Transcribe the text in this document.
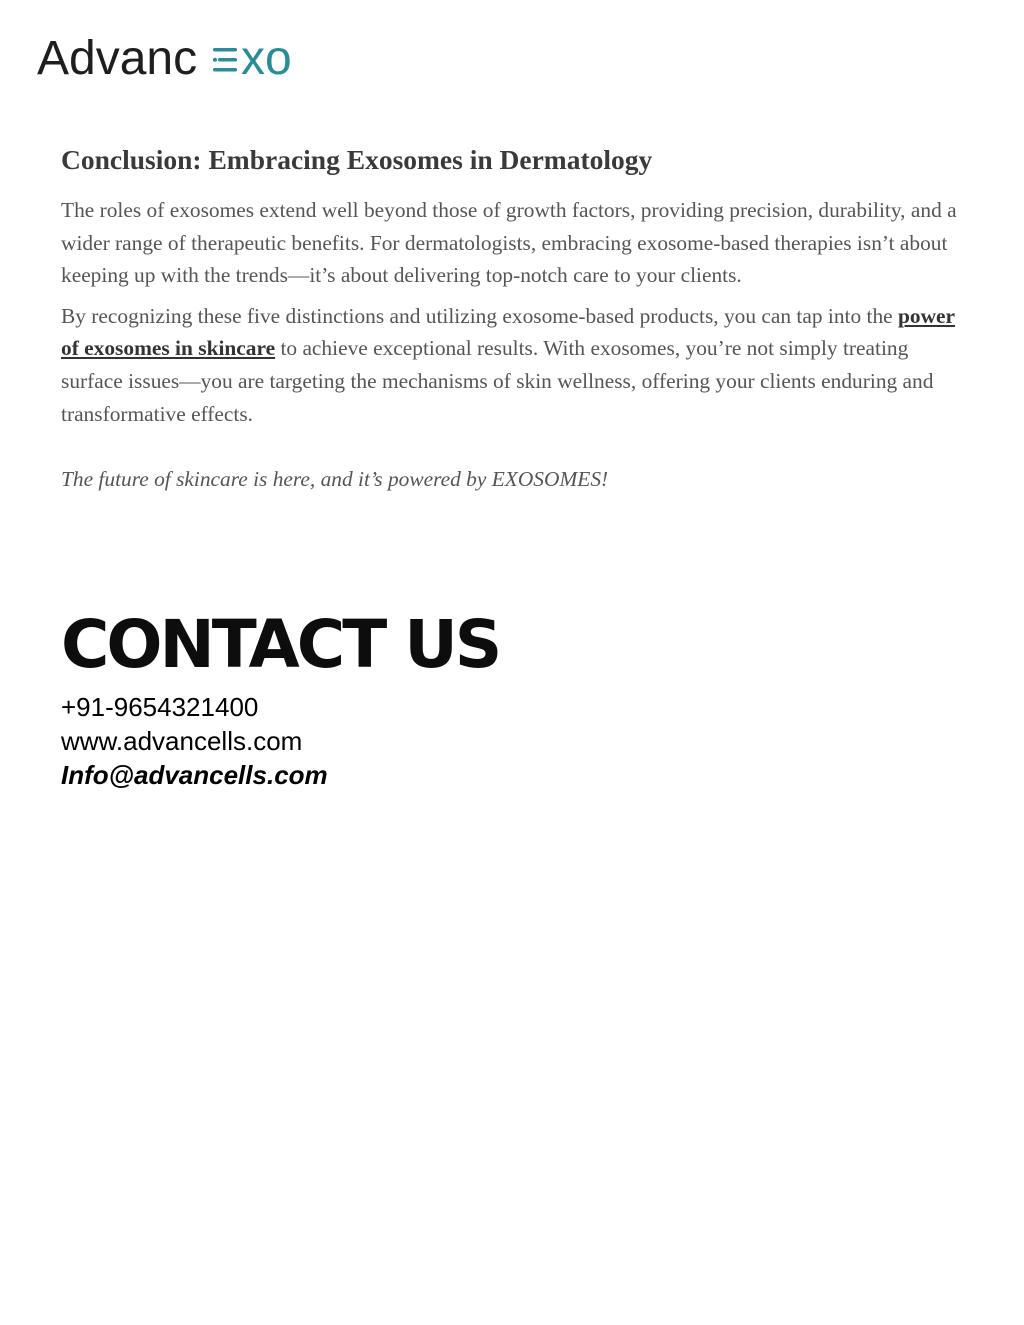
Advanc xo
Conclusion: Embracing Exosomes in Dermatology

The roles of exosomes extend well beyond those of growth factors, providing precision, durability, and a wider range of therapeutic benefits. For dermatologists, embracing exosome-based therapies isn’t about keeping up with the trends—it’s about delivering top-notch care to your clients.

By recognizing these five distinctions and utilizing exosome-based products, you can tap into the power of exosomes in skincare to achieve exceptional results. With exosomes, you’re not simply treating surface issues—you are targeting the mechanisms of skin wellness, offering your clients enduring and transformative effects.

The future of skincare is here, and it’s powered by EXOSOMES!

CONTACT US
+91-9654321400
www.advancells.com
Info@advancells.com
